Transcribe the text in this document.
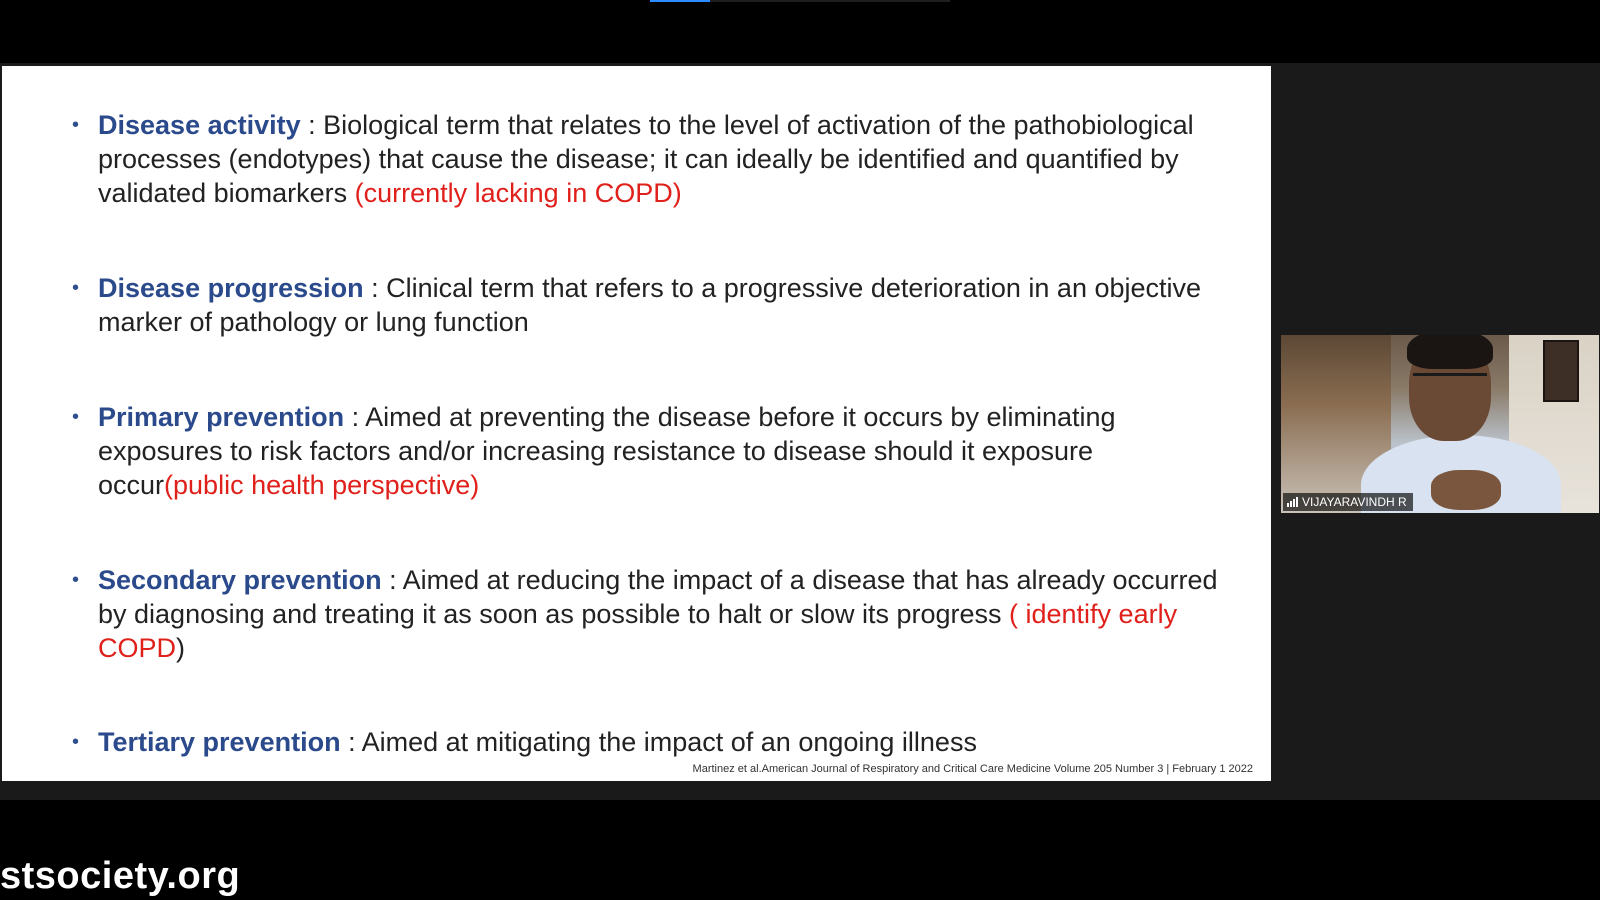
• Disease activity : Biological term that relates to the level of activation of the pathobiological processes (endotypes) that cause the disease; it can ideally be identified and quantified by validated biomarkers (currently lacking in COPD)
• Disease progression : Clinical term that refers to a progressive deterioration in an objective marker of pathology or lung function
• Primary prevention : Aimed at preventing the disease before it occurs by eliminating exposures to risk factors and/or increasing resistance to disease should it exposure occur(public health perspective)
• Secondary prevention : Aimed at reducing the impact of a disease that has already occurred by diagnosing and treating it as soon as possible to halt or slow its progress ( identify early COPD)
• Tertiary prevention : Aimed at mitigating the impact of an ongoing illness
Martinez et al.American Journal of Respiratory and Critical Care Medicine Volume 205 Number 3 | February 1 2022
VIJAYARAVINDH R
stsociety.org
